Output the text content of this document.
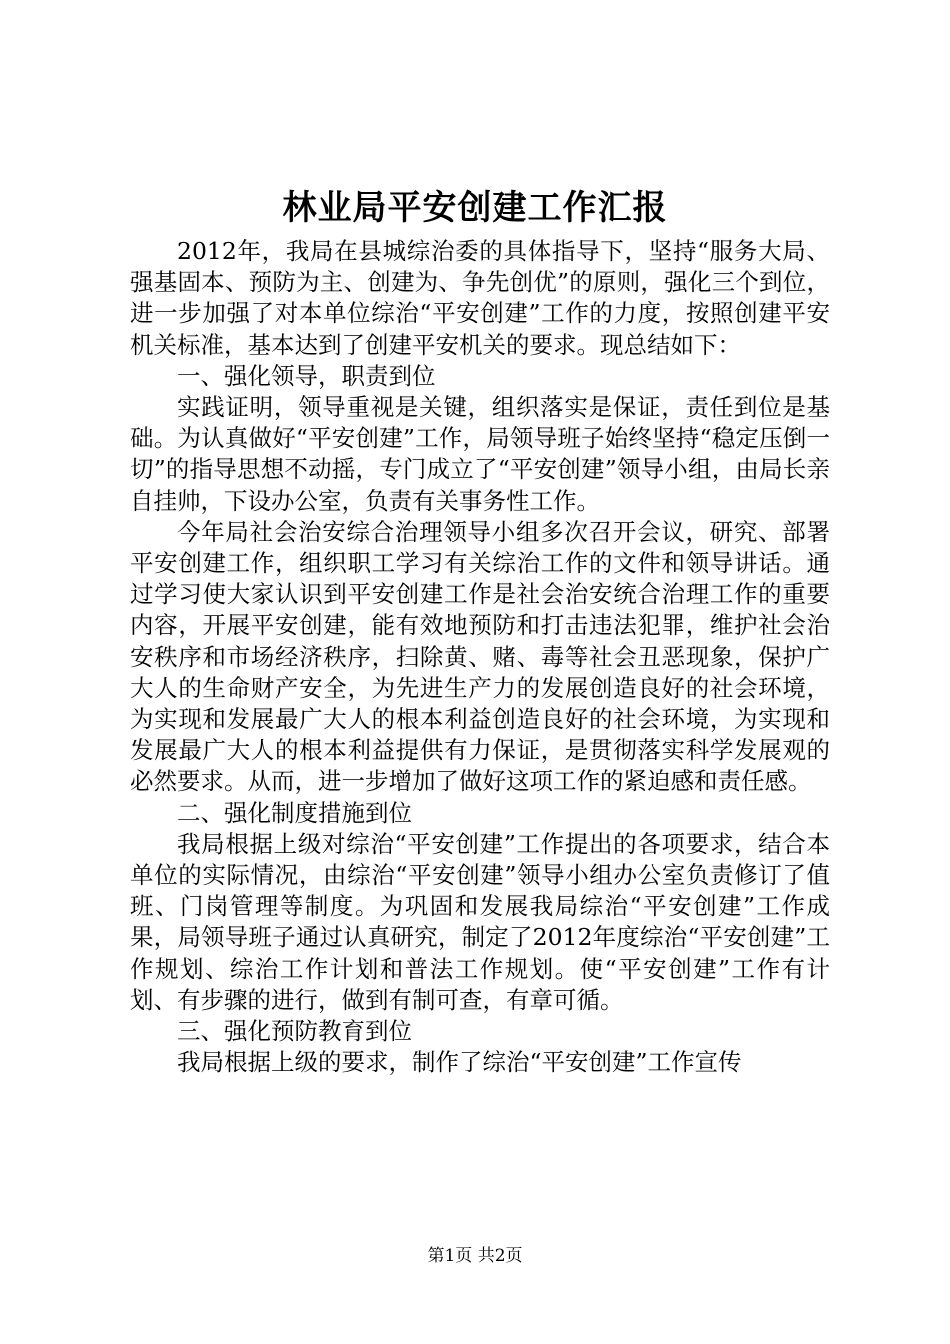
林业局平安创建工作汇报

2012年，我局在县城综治委的具体指导下，坚持“服务大局、强基固本、预防为主、创建为、争先创优”的原则，强化三个到位，进一步加强了对本单位综治“平安创建”工作的力度，按照创建平安机关标准，基本达到了创建平安机关的要求。现总结如下：

一、强化领导，职责到位

实践证明，领导重视是关键，组织落实是保证，责任到位是基础。为认真做好“平安创建”工作，局领导班子始终坚持“稳定压倒一切”的指导思想不动摇，专门成立了“平安创建”领导小组，由局长亲自挂帅，下设办公室，负责有关事务性工作。

今年局社会治安综合治理领导小组多次召开会议，研究、部署平安创建工作，组织职工学习有关综治工作的文件和领导讲话。通过学习使大家认识到平安创建工作是社会治安统合治理工作的重要内容，开展平安创建，能有效地预防和打击违法犯罪，维护社会治安秩序和市场经济秩序，扫除黄、赌、毒等社会丑恶现象，保护广大人的生命财产安全，为先进生产力的发展创造良好的社会环境，为实现和发展最广大人的根本利益创造良好的社会环境，为实现和发展最广大人的根本利益提供有力保证，是贯彻落实科学发展观的必然要求。从而，进一步增加了做好这项工作的紧迫感和责任感。

二、强化制度措施到位

我局根据上级对综治“平安创建”工作提出的各项要求，结合本单位的实际情况，由综治“平安创建”领导小组办公室负责修订了值班、门岗管理等制度。为巩固和发展我局综治“平安创建”工作成果，局领导班子通过认真研究，制定了2012年度综治“平安创建”工作规划、综治工作计划和普法工作规划。使“平安创建”工作有计划、有步骤的进行，做到有制可查，有章可循。

三、强化预防教育到位

我局根据上级的要求，制作了综治“平安创建”工作宣传

第1页 共2页
